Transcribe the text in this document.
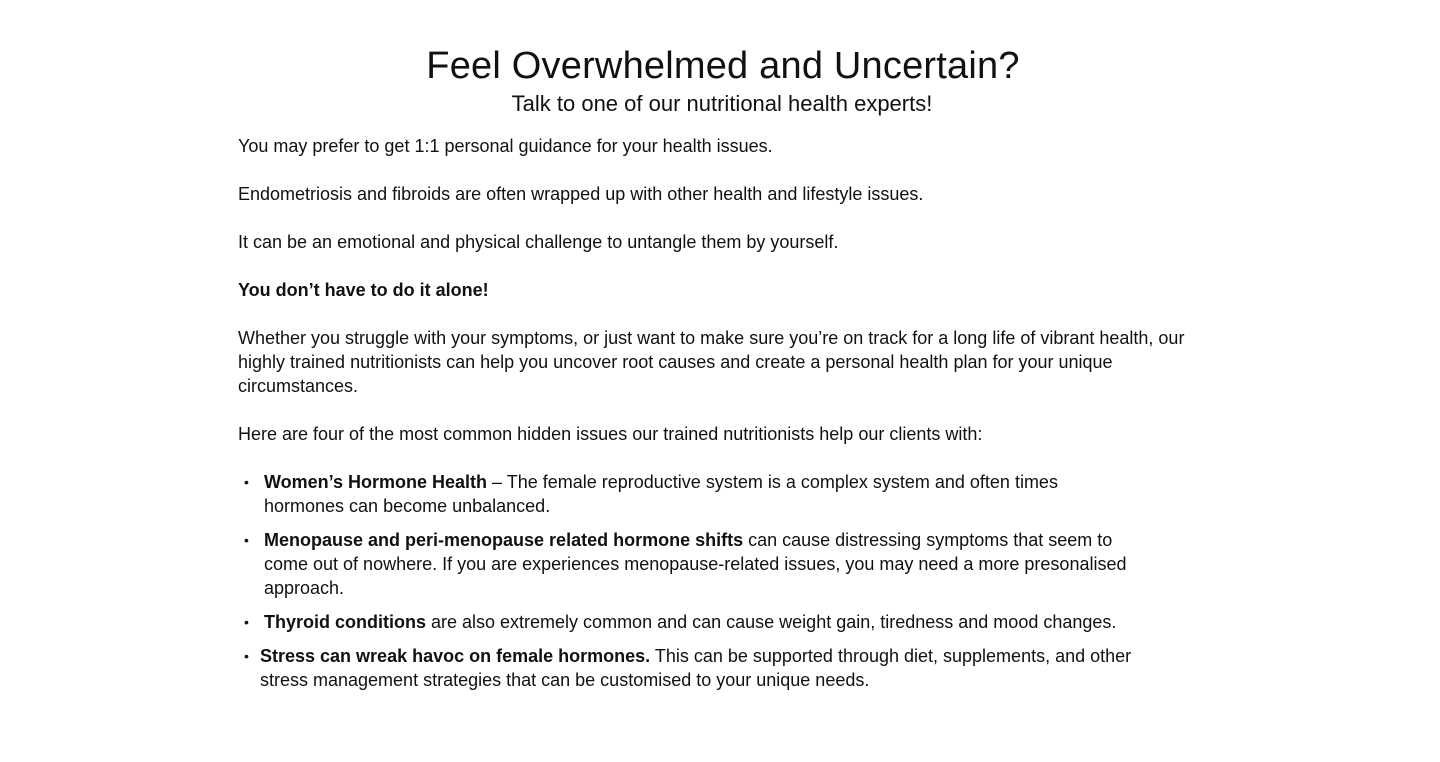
Feel Overwhelmed and Uncertain?
Talk to one of our nutritional health experts!

You may prefer to get 1:1 personal guidance for your health issues.

Endometriosis and fibroids are often wrapped up with other health and lifestyle issues.

It can be an emotional and physical challenge to untangle them by yourself.

You don’t have to do it alone!

Whether you struggle with your symptoms, or just want to make sure you’re on track for a long life of vibrant health, our highly trained nutritionists can help you uncover root causes and create a personal health plan for your unique circumstances.

Here are four of the most common hidden issues our trained nutritionists help our clients with:

• Women’s Hormone Health – The female reproductive system is a complex system and often times hormones can become unbalanced.
• Menopause and peri-menopause related hormone shifts can cause distressing symptoms that seem to come out of nowhere. If you are experiences menopause-related issues, you may need a more presonalised approach.
• Thyroid conditions are also extremely common and can cause weight gain, tiredness and mood changes.
• Stress can wreak havoc on female hormones. This can be supported through diet, supplements, and other stress management strategies that can be customised to your unique needs.
